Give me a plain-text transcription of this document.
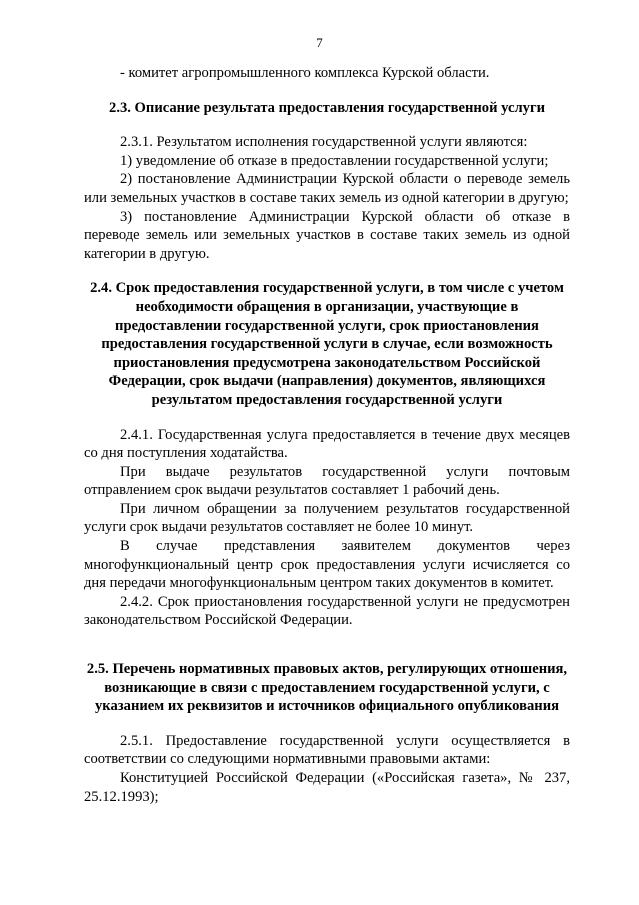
7

- комитет агропромышленного комплекса Курской области.

2.3. Описание результата предоставления государственной услуги

2.3.1. Результатом исполнения государственной услуги являются:

1) уведомление об отказе в предоставлении государственной услуги;

2) постановление Администрации Курской области о переводе земель или земельных участков в составе таких земель из одной категории в другую;

3) постановление Администрации Курской области об отказе в переводе земель или земельных участков в составе таких земель из одной категории в другую.

2.4. Срок предоставления государственной услуги, в том числе с учетом необходимости обращения в организации, участвующие в предоставлении государственной услуги, срок приостановления предоставления государственной услуги в случае, если возможность приостановления предусмотрена законодательством Российской Федерации, срок выдачи (направления) документов, являющихся результатом предоставления государственной услуги

2.4.1. Государственная услуга предоставляется в течение двух месяцев со дня поступления ходатайства.

При выдаче результатов государственной услуги почтовым отправлением срок выдачи результатов составляет 1 рабочий день.

При личном обращении за получением результатов государственной услуги срок выдачи результатов составляет не более 10 минут.

В случае представления заявителем документов через многофункциональный центр срок предоставления услуги исчисляется со дня передачи многофункциональным центром таких документов в комитет.

2.4.2. Срок приостановления государственной услуги не предусмотрен законодательством Российской Федерации.

2.5. Перечень нормативных правовых актов, регулирующих отношения, возникающие в связи с предоставлением государственной услуги, с указанием их реквизитов и источников официального опубликования

2.5.1. Предоставление государственной услуги осуществляется в соответствии со следующими нормативными правовыми актами:

Конституцией Российской Федерации («Российская газета», № 237, 25.12.1993);
